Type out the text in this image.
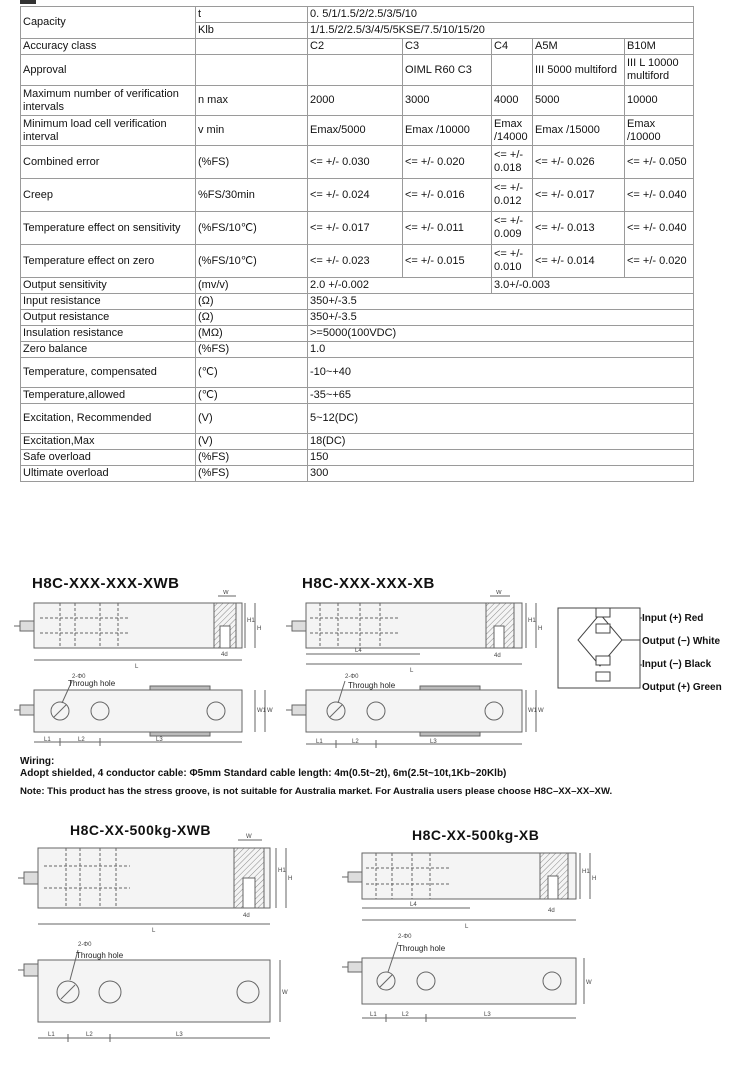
Capacity	t	0. 5/1/1.5/2/2.5/3/5/10				
	Klb	1/1.5/2/2.5/3/4/5/5KSE/7.5/10/15/20				
Accuracy class		C2	C3	C4	A5M	B10M
Approval			OIML R60 C3		III 5000 multiford	III L 10000 multiford
Maximum number of verification intervals	n max	2000	3000	4000	5000	10000
Minimum load cell verification interval	v min	Emax/5000	Emax /10000	Emax /14000	Emax /15000	Emax /10000
Combined error	(%FS)	<= +/- 0.030	<= +/- 0.020	<= +/- 0.018	<= +/- 0.026	<= +/- 0.050
Creep	%FS/30min	<= +/- 0.024	<= +/- 0.016	<= +/- 0.012	<= +/- 0.017	<= +/- 0.040
Temperature effect on sensitivity	(%FS/10℃)	<= +/- 0.017	<= +/- 0.011	<= +/- 0.009	<= +/- 0.013	<= +/- 0.040
Temperature effect on zero	(%FS/10℃)	<= +/- 0.023	<= +/- 0.015	<= +/- 0.010	<= +/- 0.014	<= +/- 0.020
Output sensitivity	(mv/v)	2.0 +/-0.002		3.0+/-0.003		
Input resistance	(Ω)	350+/-3.5				
Output resistance	(Ω)	350+/-3.5				
Insulation resistance	(MΩ)	>=5000(100VDC)				
Zero balance	(%FS)	1.0				
Temperature, compensated	(℃)	-10~+40				
Temperature,allowed	(℃)	-35~+65				
Excitation, Recommended	(V)	5~12(DC)				
Excitation,Max	(V)	18(DC)				
Safe overload	(%FS)	150				
Ultimate overload	(%FS)	300				
H8C-XXX-XXX-XWB	H8C-XXX-XXX-XB
H8C-XX-500kg-XWB	H8C-XX-500kg-XB
L
H1
H
W
4d
L4
L
H1
H
W
4d
L1	L2	L3
W1 W
2-Φ0
L1	L2	L3
W1 W
2-Φ0
L
H1
H
W
4d
L4
L
H1
H
4d
L1	L2	L3
W
2-Φ0
L1	L2	L3
W
2-Φ0
Through hole	Through hole
Through hole
Through hole
Input (+) Red
Output (−) White
Input (−) Black
Output (+) Green
Wiring:
Adopt shielded, 4 conductor cable: Φ5mm Standard cable length: 4m(0.5t~2t), 6m(2.5t~10t,1Kb~20Klb)
Note: This product has the stress groove, is not suitable for Australia market. For Australia users please choose H8C–XX–XX–XW.
